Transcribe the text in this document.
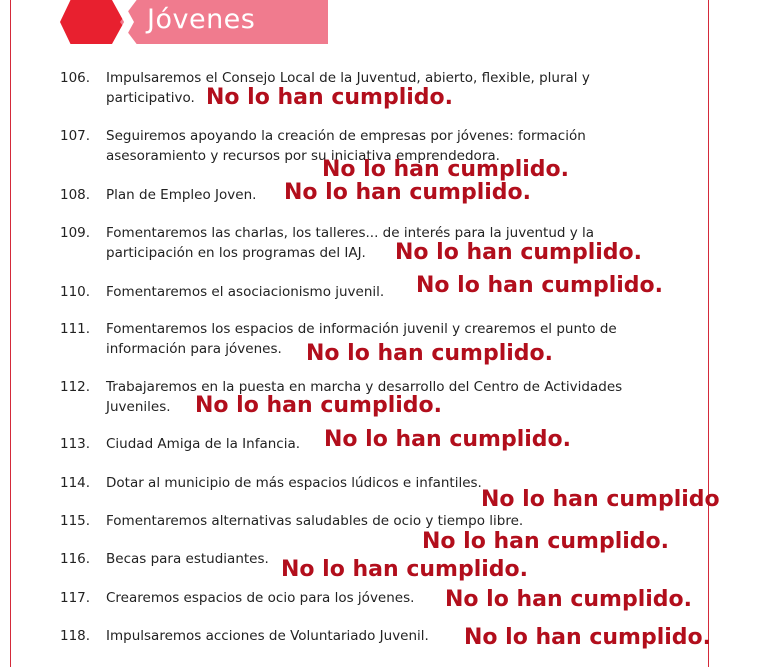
Jóvenes
106. Impulsaremos el Consejo Local de la Juventud, abierto, flexible, plural y participativo.
107. Seguiremos apoyando la creación de empresas por jóvenes: formación asesoramiento y recursos por su iniciativa emprendedora.
108. Plan de Empleo Joven.
109. Fomentaremos las charlas, los talleres... de interés para la juventud y la participación en los programas del IAJ.
110. Fomentaremos el asociacionismo juvenil.
111. Fomentaremos los espacios de información juvenil y crearemos el punto de información para jóvenes.
112. Trabajaremos en la puesta en marcha y desarrollo del Centro de Actividades Juveniles.
113. Ciudad Amiga de la Infancia.
114. Dotar al municipio de más espacios lúdicos e infantiles.
115. Fomentaremos alternativas saludables de ocio y tiempo libre.
116. Becas para estudiantes.
117. Crearemos espacios de ocio para los jóvenes.
118. Impulsaremos acciones de Voluntariado Juvenil.
No lo han cumplido.
No lo han cumplido.
No lo han cumplido.
No lo han cumplido.
No lo han cumplido.
No lo han cumplido.
No lo han cumplido.
No lo han cumplido.
No lo han cumplido
No lo han cumplido.
No lo han cumplido.
No lo han cumplido.
No lo han cumplido.
